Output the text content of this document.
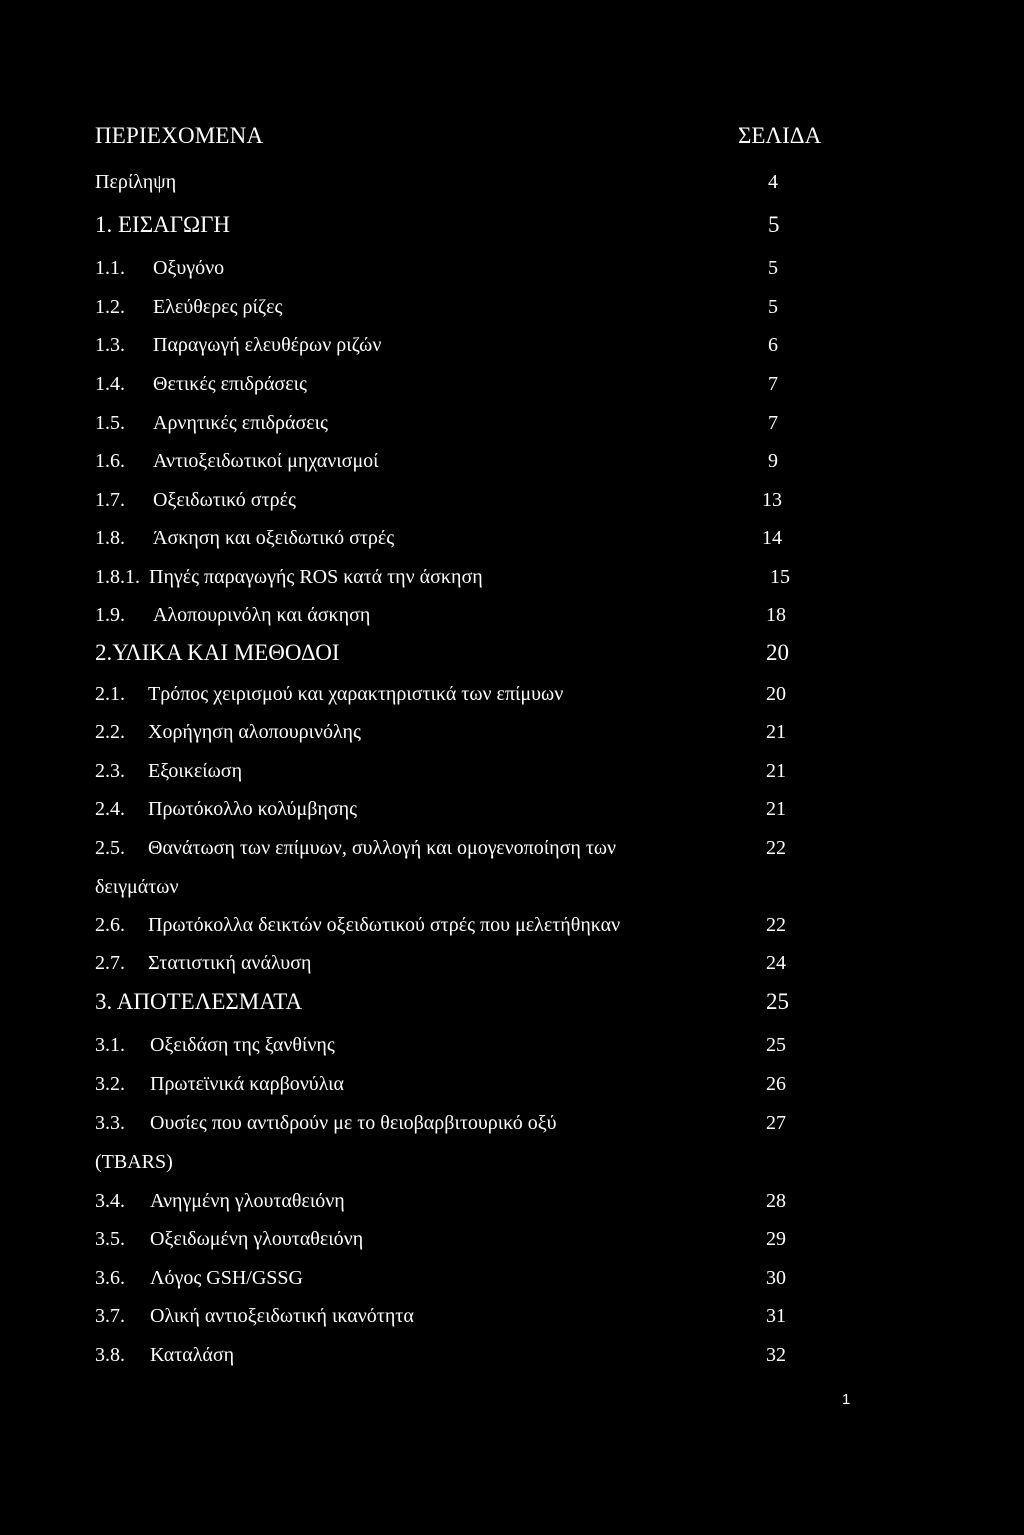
ΠΕΡΙΕΧΟΜΕΝΑ	ΣΕΛΙΔΑ
Περίληψη	4
1. ΕΙΣΑΓΩΓΗ	5
1.1. Οξυγόνο	5
1.2. Ελεύθερες ρίζες	5
1.3. Παραγωγή ελευθέρων ριζών	6
1.4. Θετικές επιδράσεις	7
1.5. Αρνητικές επιδράσεις	7
1.6. Αντιοξειδωτικοί μηχανισμοί	9
1.7. Οξειδωτικό στρές	13
1.8. Άσκηση και οξειδωτικό στρές	14
1.8.1. Πηγές παραγωγής ROS κατά την άσκηση	15
1.9. Αλοπουρινόλη και άσκηση	18
2.ΥΛΙΚΑ ΚΑΙ ΜΕΘΟΔΟΙ	20
2.1. Τρόπος χειρισμού και χαρακτηριστικά των επίμυων	20
2.2. Χορήγηση αλοπουρινόλης	21
2.3. Εξοικείωση	21
2.4. Πρωτόκολλο κολύμβησης	21
2.5. Θανάτωση των επίμυων, συλλογή και ομογενοποίηση των	22
δειγμάτων
2.6. Πρωτόκολλα δεικτών οξειδωτικού στρές που μελετήθηκαν	22
2.7. Στατιστική ανάλυση	24
3. ΑΠΟΤΕΛΕΣΜΑΤΑ	25
3.1. Οξειδάση της ξανθίνης	25
3.2. Πρωτεϊνικά καρβονύλια	26
3.3. Ουσίες που αντιδρούν με το θειοβαρβιτουρικό οξύ	27
(TBARS)
3.4. Ανηγμένη γλουταθειόνη	28
3.5. Οξειδωμένη γλουταθειόνη	29
3.6. Λόγος GSH/GSSG	30
3.7. Ολική αντιοξειδωτική ικανότητα	31
3.8. Καταλάση	32
1
